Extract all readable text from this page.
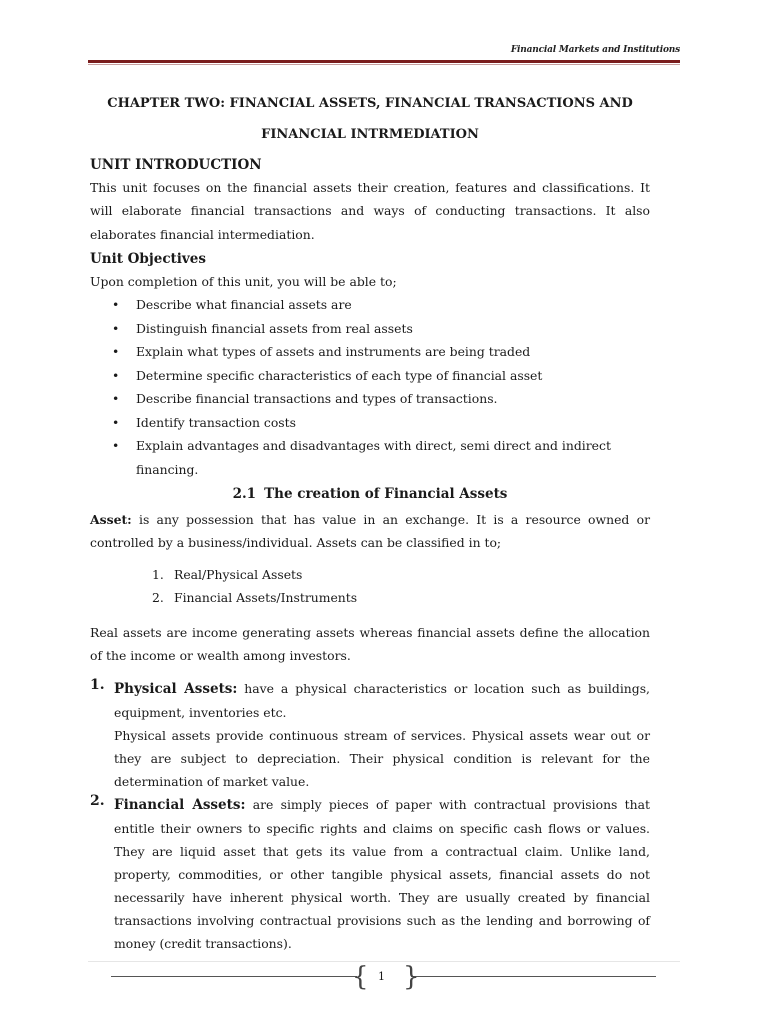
Financial Markets and Institutions

CHAPTER TWO: FINANCIAL ASSETS, FINANCIAL TRANSACTIONS AND

FINANCIAL INTRMEDIATION

UNIT INTRODUCTION

This unit focuses on the financial assets their creation, features and classifications. It will elaborate financial transactions and ways of conducting transactions. It also elaborates financial intermediation.

Unit Objectives

Upon completion of this unit, you will be able to;

• Describe what financial assets are
• Distinguish financial assets from real assets
• Explain what types of assets and instruments are being traded
• Determine specific characteristics of each type of financial asset
• Describe financial transactions and types of transactions.
• Identify transaction costs
• Explain advantages and disadvantages with direct, semi direct and indirect financing.

2.1 The creation of Financial Assets

Asset: is any possession that has value in an exchange. It is a resource owned or controlled by a business/individual. Assets can be classified in to;

1. Real/Physical Assets
2. Financial Assets/Instruments

Real assets are income generating assets whereas financial assets define the allocation of the income or wealth among investors.

1. Physical Assets: have a physical characteristics or location such as buildings, equipment, inventories etc.

Physical assets provide continuous stream of services. Physical assets wear out or they are subject to depreciation. Their physical condition is relevant for the determination of market value.

2. Financial Assets: are simply pieces of paper with contractual provisions that entitle their owners to specific rights and claims on specific cash flows or values. They are liquid asset that gets its value from a contractual claim. Unlike land, property, commodities, or other tangible physical assets, financial assets do not necessarily have inherent physical worth. They are usually created by financial transactions involving contractual provisions such as the lending and borrowing of money (credit transactions).

{ 1 }
